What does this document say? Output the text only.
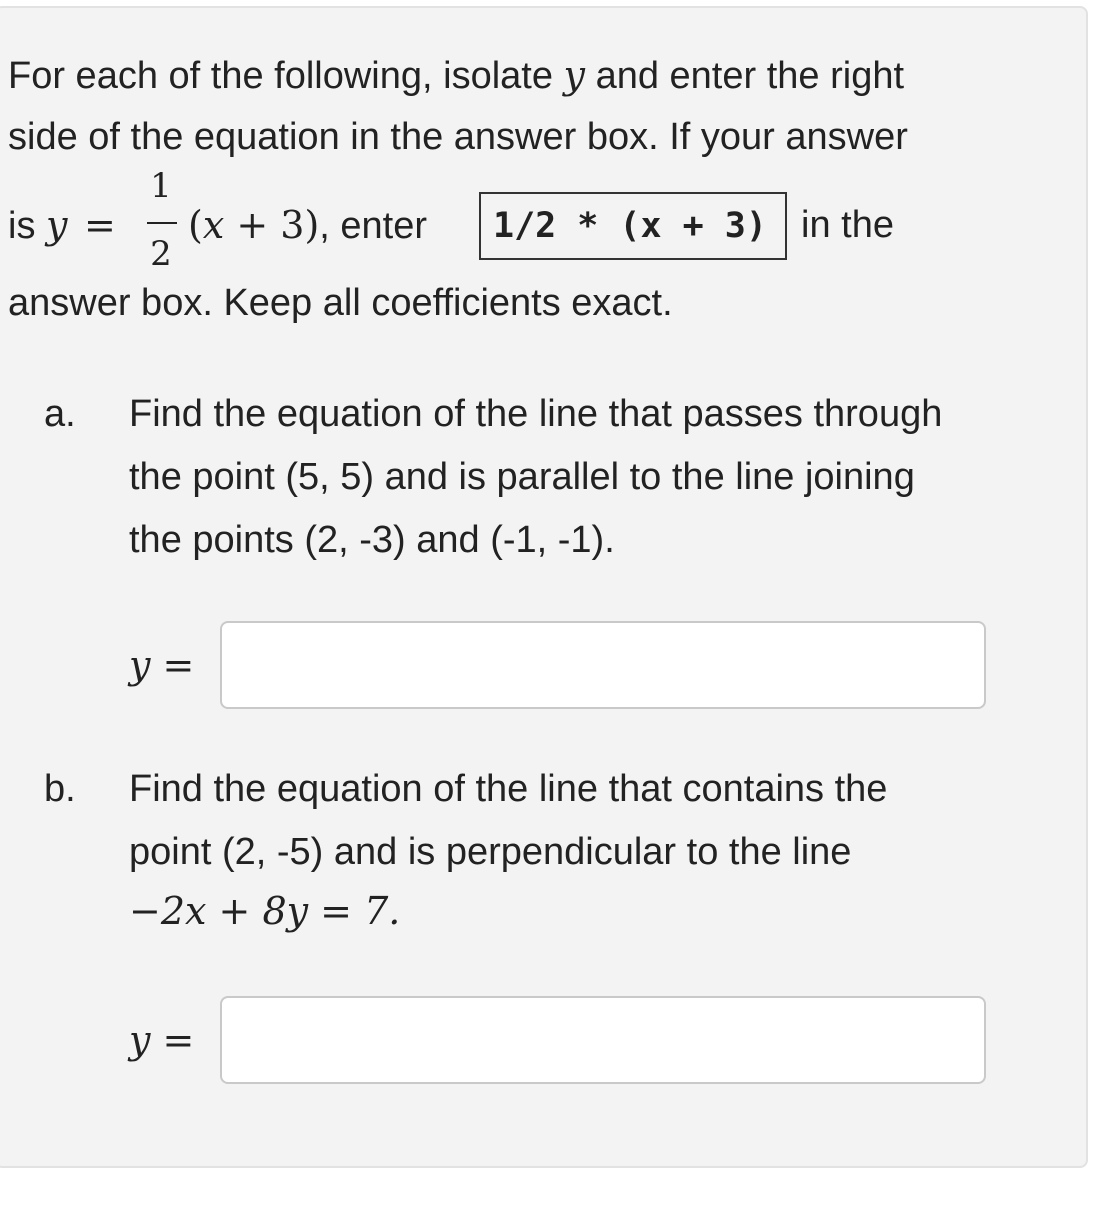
For each of the following, isolate y and enter the right
side of the equation in the answer box. If your answer
is y =
1
2
(x + 3), enter	1/2 * (x + 3) in the
answer box. Keep all coefficients exact.
a. Find the equation of the line that passes through
the point (5, 5) and is parallel to the line joining
the points (2, -3) and (-1, -1).
y =
b. Find the equation of the line that contains the
point (2, -5) and is perpendicular to the line
−2x + 8y = 7.
y =
